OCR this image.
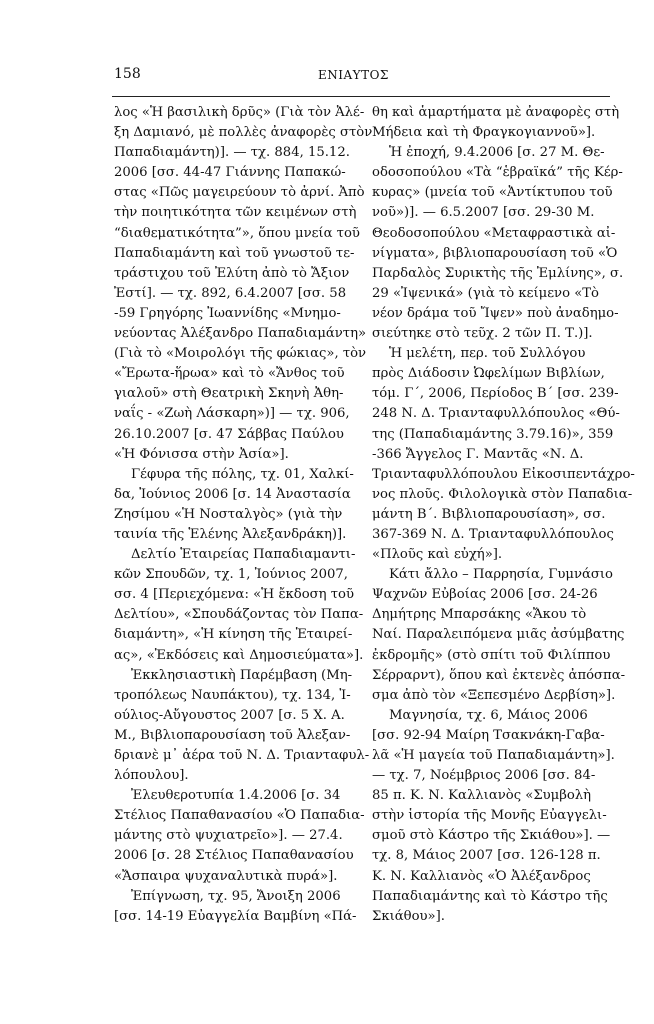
158	ΕΝΙΑΥΤΟΣ
λος «Ἡ βασιλικὴ δρῦς» (Γιὰ τὸν Ἀλέ-
ξη Δαμιανό, μὲ πολλὲς ἀναφορὲς στὸν
Παπαδιαμάντη)]. — τχ. 884, 15.12.
2006 [σσ. 44-47 Γιάννης Παπακώ-
στας «Πῶς μαγειρεύουν τὸ ἀρνί. Ἀπὸ
τὴν ποιητικότητα τῶν κειμένων στὴ
“διαθεματικότητα”», ὅπου μνεία τοῦ
Παπαδιαμάντη καὶ τοῦ γνωστοῦ τε-
τράστιχου τοῦ Ἐλύτη ἀπὸ τὸ Ἄξιον
Ἐστί]. — τχ. 892, 6.4.2007 [σσ. 58
-59 Γρηγόρης Ἰωαννίδης «Μνημο-
νεύοντας Ἀλέξανδρο Παπαδιαμάντη»
(Γιὰ τὸ «Μοιρολόγι τῆς φώκιας», τὸν
«Ἔρωτα-ἥρωα» καὶ τὸ «Ἄνθος τοῦ
γιαλοῦ» στὴ Θεατρικὴ Σκηνὴ Ἀθη-
ναΐς - «Ζωὴ Λάσκαρη»)] — τχ. 906,
26.10.2007 [σ. 47 Σάββας Παύλου
«Ἡ Φόνισσα στὴν Ἀσία»].
Γέφυρα τῆς πόλης, τχ. 01, Χαλκί-
δα, Ἰούνιος 2006 [σ. 14 Ἀναστασία
Ζησίμου «Ἡ Νοσταλγὸς» (γιὰ τὴν
ταινία τῆς Ἑλένης Ἀλεξανδράκη)].
Δελτίο Ἑταιρείας Παπαδιαμαντι-
κῶν Σπουδῶν, τχ. 1, Ἰούνιος 2007,
σσ. 4 [Περιεχόμενα: «Ἡ ἔκδοση τοῦ
Δελτίου», «Σπουδάζοντας τὸν Παπα-
διαμάντη», «Ἡ κίνηση τῆς Ἑταιρεί-
ας», «Ἐκδόσεις καὶ Δημοσιεύματα»].
Ἐκκλησιαστικὴ Παρέμβαση (Μη-
τροπόλεως Ναυπάκτου), τχ. 134, Ἰ-
ούλιος-Αὔγουστος 2007 [σ. 5 Χ. Α.
Μ., Βιβλιοπαρουσίαση τοῦ Ἀλεξαν-
δριανὲ μ᾽ ἀέρα τοῦ Ν. Δ. Τριανταφυλ-
λόπουλου].
Ἐλευθεροτυπία 1.4.2006 [σ. 34
Στέλιος Παπαθανασίου «Ὁ Παπαδια-
μάντης στὸ ψυχιατρεῖο»]. — 27.4.
2006 [σ. 28 Στέλιος Παπαθανασίου
«Ἄσπαιρα ψυχαναλυτικὰ πυρά»].
Ἐπίγνωση, τχ. 95, Ἄνοιξη 2006
[σσ. 14-19 Εὐαγγελία Βαμβίνη «Πά-
θη καὶ ἁμαρτήματα μὲ ἀναφορὲς στὴ
Μήδεια καὶ τὴ Φραγκογιαννοῦ»].
Ἡ ἐποχή, 9.4.2006 [σ. 27 Μ. Θε-
οδοσοπούλου «Τὰ “ἑβραϊκά” τῆς Κέρ-
κυρας» (μνεία τοῦ «Ἀντίκτυπου τοῦ
νοῦ»)]. — 6.5.2007 [σσ. 29-30 Μ.
Θεοδοσοπούλου «Μεταφραστικὰ αἰ-
νίγματα», βιβλιοπαρουσίαση τοῦ «Ὁ
Παρδαλὸς Συρικτὴς τῆς Ἐμλίνης», σ.
29 «Ἰψενικά» (γιὰ τὸ κείμενο «Τὸ
νέον δράμα τοῦ Ἴψεν» ποὺ ἀναδημο-
σιεύτηκε στὸ τεῦχ. 2 τῶν Π. Τ.)].
Ἡ μελέτη, περ. τοῦ Συλλόγου
πρὸς Διάδοσιν Ὠφελίμων Βιβλίων,
τόμ. Γ΄, 2006, Περίοδος Β΄ [σσ. 239-
248 Ν. Δ. Τριανταφυλλόπουλος «Θύ-
της (Παπαδιαμάντης 3.79.16)», 359
-366 Ἄγγελος Γ. Μαντᾶς «Ν. Δ.
Τριανταφυλλόπουλου Εἰκοσιπεντάχρο-
νος πλοῦς. Φιλολογικὰ στὸν Παπαδια-
μάντη Β΄. Βιβλιοπαρουσίαση», σσ.
367-369 Ν. Δ. Τριανταφυλλόπουλος
«Πλοῦς καὶ εὐχή»].
Κάτι ἄλλο – Παρρησία, Γυμνάσιο
Ψαχνῶν Εὐβοίας 2006 [σσ. 24-26
Δημήτρης Μπαρσάκης «Ἄκου τὸ
Ναί. Παραλειπόμενα μιᾶς ἀσύμβατης
ἐκδρομῆς» (στὸ σπίτι τοῦ Φιλίππου
Σέρραρντ), ὅπου καὶ ἐκτενὲς ἀπόσπα-
σμα ἀπὸ τὸν «Ξεπεσμένο Δερβίση»].
Μαγνησία, τχ. 6, Μάιος 2006
[σσ. 92-94 Μαίρη Τσακνάκη-Γαβα-
λᾶ «Ἡ μαγεία τοῦ Παπαδιαμάντη»].
— τχ. 7, Νοέμβριος 2006 [σσ. 84-
85 π. Κ. Ν. Καλλιανὸς «Συμβολὴ
στὴν ἱστορία τῆς Μονῆς Εὐαγγελι-
σμοῦ στὸ Κάστρο τῆς Σκιάθου»]. —
τχ. 8, Μάιος 2007 [σσ. 126-128 π.
Κ. Ν. Καλλιανὸς «Ὁ Ἀλέξανδρος
Παπαδιαμάντης καὶ τὸ Κάστρο τῆς
Σκιάθου»].
